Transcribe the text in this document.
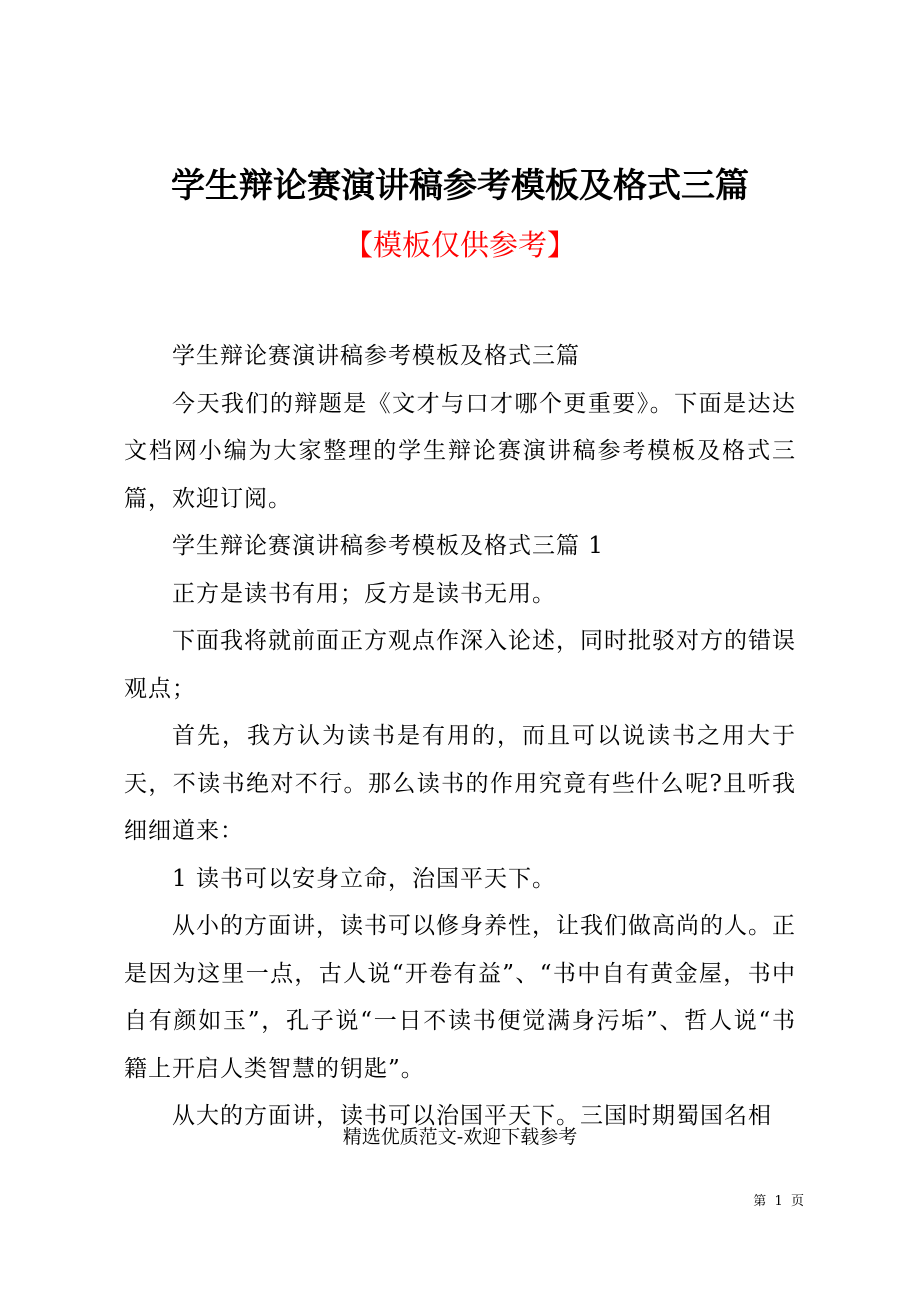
学生辩论赛演讲稿参考模板及格式三篇
【模板仅供参考】

学生辩论赛演讲稿参考模板及格式三篇

今天我们的辩题是《文才与口才哪个更重要》。下面是达达文档网小编为大家整理的学生辩论赛演讲稿参考模板及格式三篇，欢迎订阅。

学生辩论赛演讲稿参考模板及格式三篇 1

正方是读书有用；反方是读书无用。

下面我将就前面正方观点作深入论述，同时批驳对方的错误观点；

首先，我方认为读书是有用的，而且可以说读书之用大于天，不读书绝对不行。那么读书的作用究竟有些什么呢?且听我细细道来：

1 读书可以安身立命，治国平天下。

从小的方面讲，读书可以修身养性，让我们做高尚的人。正是因为这里一点，古人说“开卷有益”、“书中自有黄金屋，书中自有颜如玉”，孔子说“一日不读书便觉满身污垢”、哲人说“书籍上开启人类智慧的钥匙”。

从大的方面讲，读书可以治国平天下。三国时期蜀国名相

精选优质范文-欢迎下载参考
第  1  页
